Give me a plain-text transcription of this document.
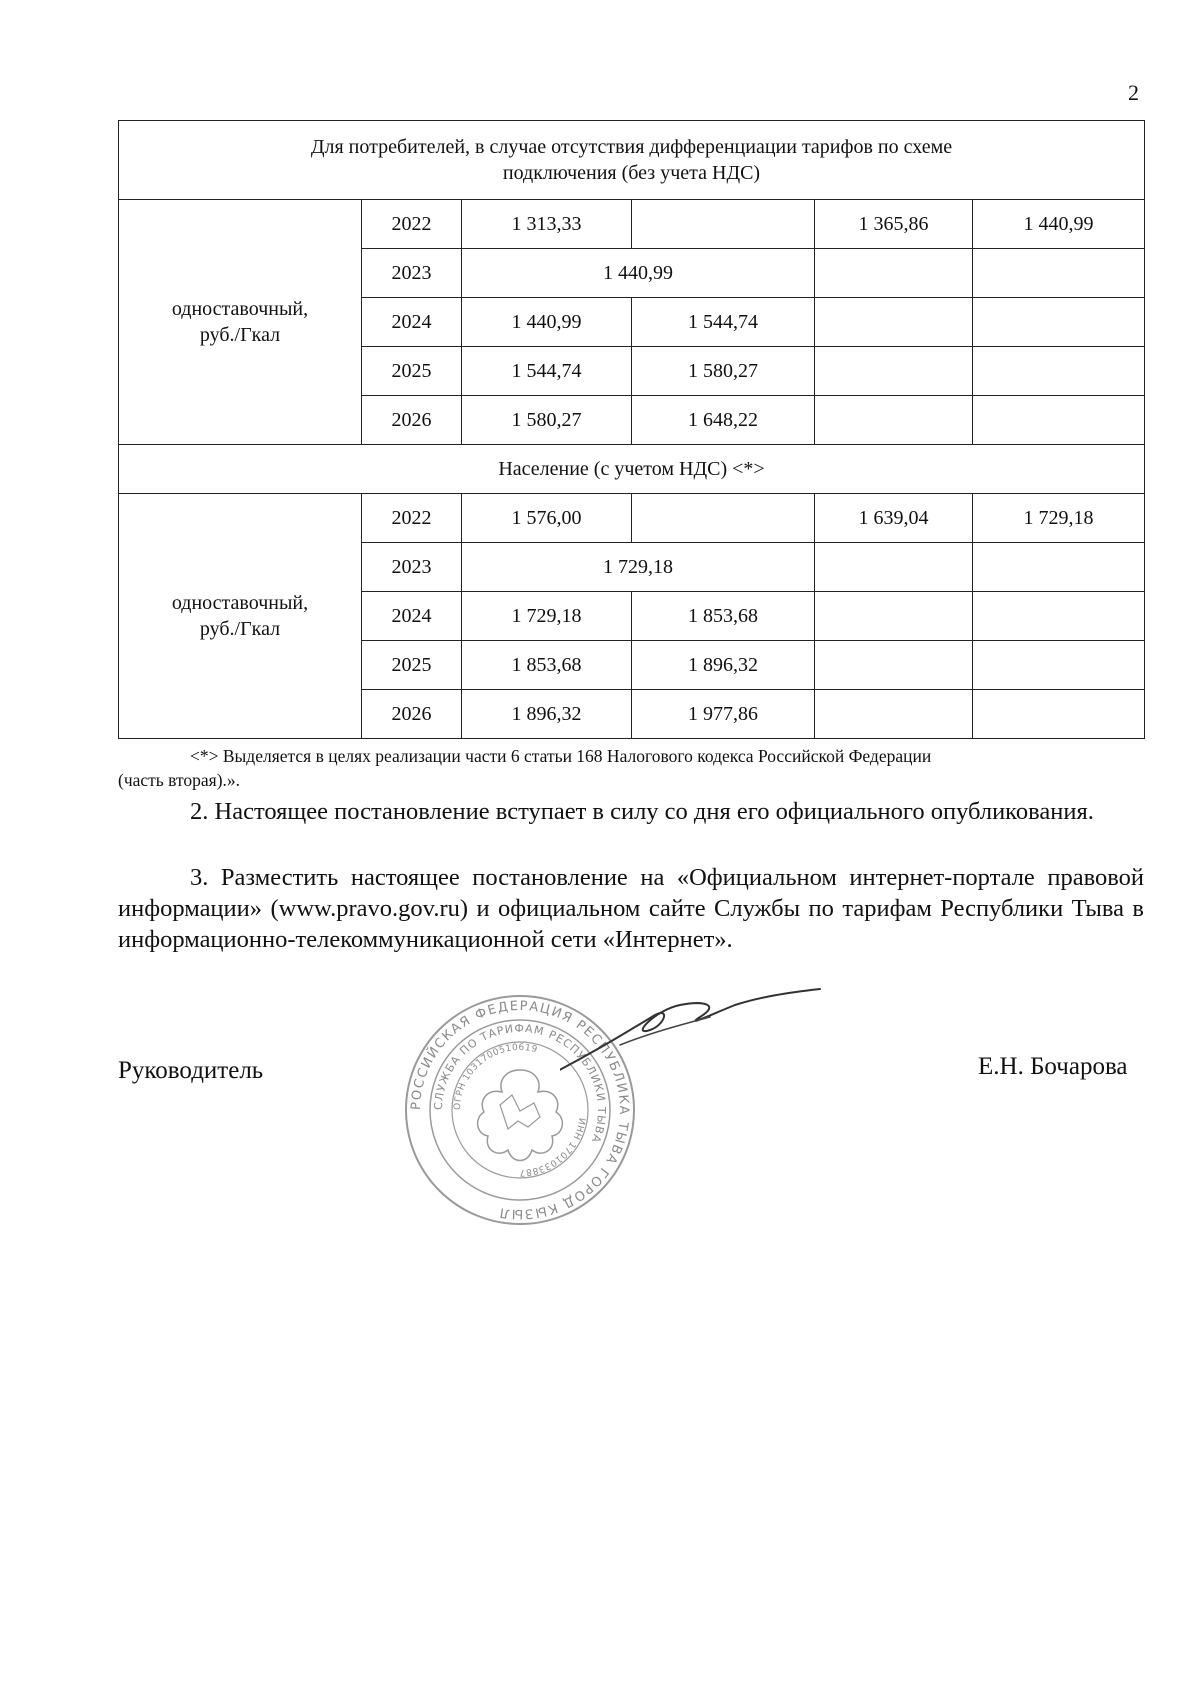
2
Для потребителей, в случае отсутствия дифференциации тарифов по схеме подключения (без учета НДС)					
одноставочный, руб./Гкал	2022	1 313,33		1 365,86	1 440,99
	2023	1 440,99			
	2024	1 440,99	1 544,74		
	2025	1 544,74	1 580,27		
	2026	1 580,27	1 648,22		
Население (с учетом НДС) <*>					
одноставочный, руб./Гкал	2022	1 576,00		1 639,04	1 729,18
	2023	1 729,18			
	2024	1 729,18	1 853,68		
	2025	1 853,68	1 896,32		
	2026	1 896,32	1 977,86		
<*> Выделяется в целях реализации части 6 статьи 168 Налогового кодекса Российской Федерации
(часть вторая).».
2. Настоящее постановление вступает в силу со дня его официального опубликования.
3. Разместить настоящее постановление на «Официальном интернет-портале правовой информации» (www.pravo.gov.ru) и официальном сайте Службы по тарифам Республики Тыва в информационно-телекоммуникационной сети «Интернет».
Руководитель
РОССИЙСКАЯ ФЕДЕРАЦИЯ РЕСПУБЛИКА ТЫВА ГОРОД КЫЗЫЛ
СЛУЖБА ПО ТАРИФАМ РЕСПУБЛИКИ ТЫВА
ОГРН 1031700510619
ИНН 1701033887
Е.Н. Бочарова
